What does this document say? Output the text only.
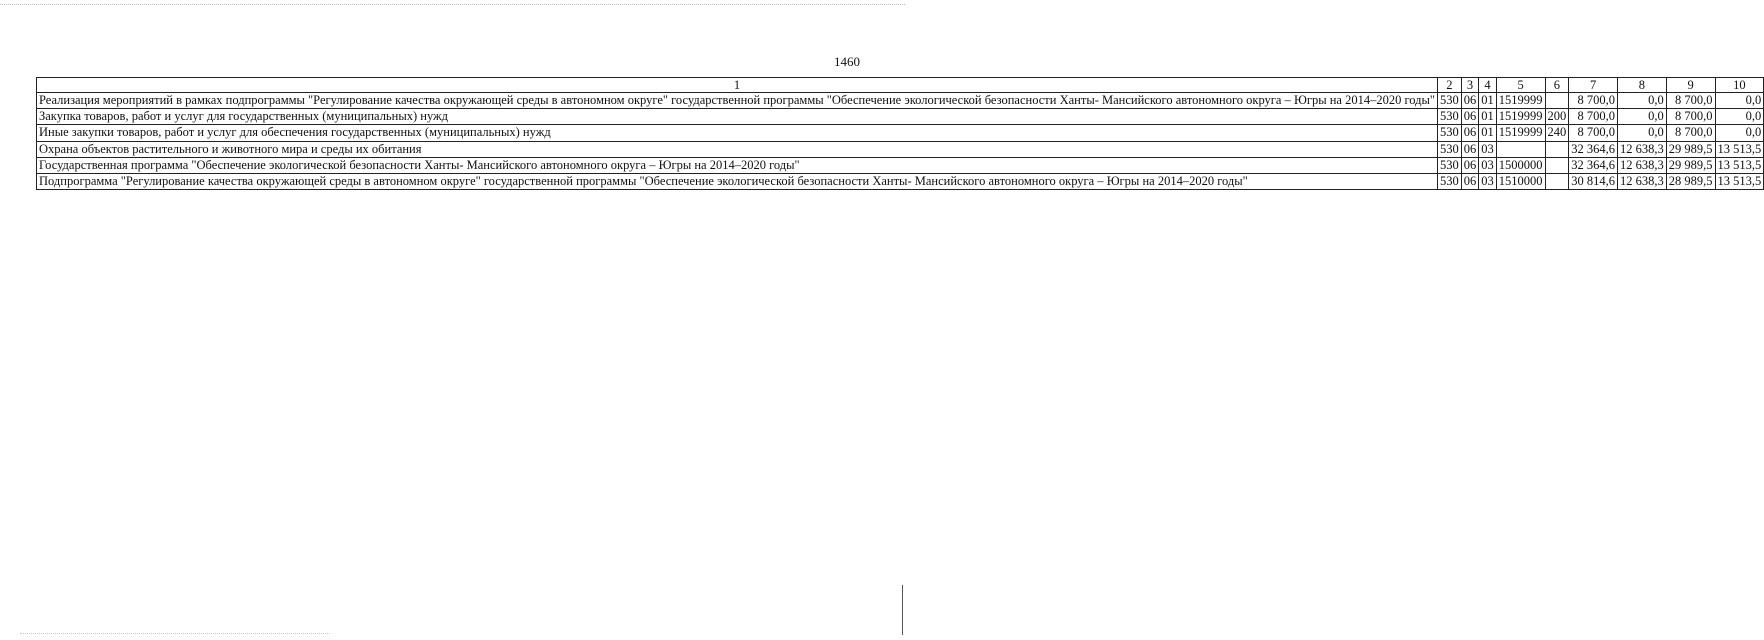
1460
1	2	3	4	5	6	7	8	9	10
Реализация мероприятий в рамках подпрограммы "Регулирование качества окружающей среды в автономном округе" государственной программы "Обеспечение экологической безопасности Ханты- Мансийского автономного округа – Югры на 2014–2020 годы"	530	06	01	1519999		8 700,0	0,0	8 700,0	0,0
Закупка товаров, работ и услуг для государственных (муниципальных) нужд	530	06	01	1519999	200	8 700,0	0,0	8 700,0	0,0
Иные закупки товаров, работ и услуг для обеспечения государственных (муниципальных) нужд	530	06	01	1519999	240	8 700,0	0,0	8 700,0	0,0
Охрана объектов растительного и животного мира и среды их обитания	530	06	03			32 364,6	12 638,3	29 989,5	13 513,5
Государственная программа "Обеспечение экологической безопасности Ханты- Мансийского автономного округа – Югры на 2014–2020 годы"	530	06	03	1500000		32 364,6	12 638,3	29 989,5	13 513,5
Подпрограмма "Регулирование качества окружающей среды в автономном округе" государственной программы "Обеспечение экологической безопасности Ханты- Мансийского автономного округа – Югры на 2014–2020 годы"	530	06	03	1510000		30 814,6	12 638,3	28 989,5	13 513,5
